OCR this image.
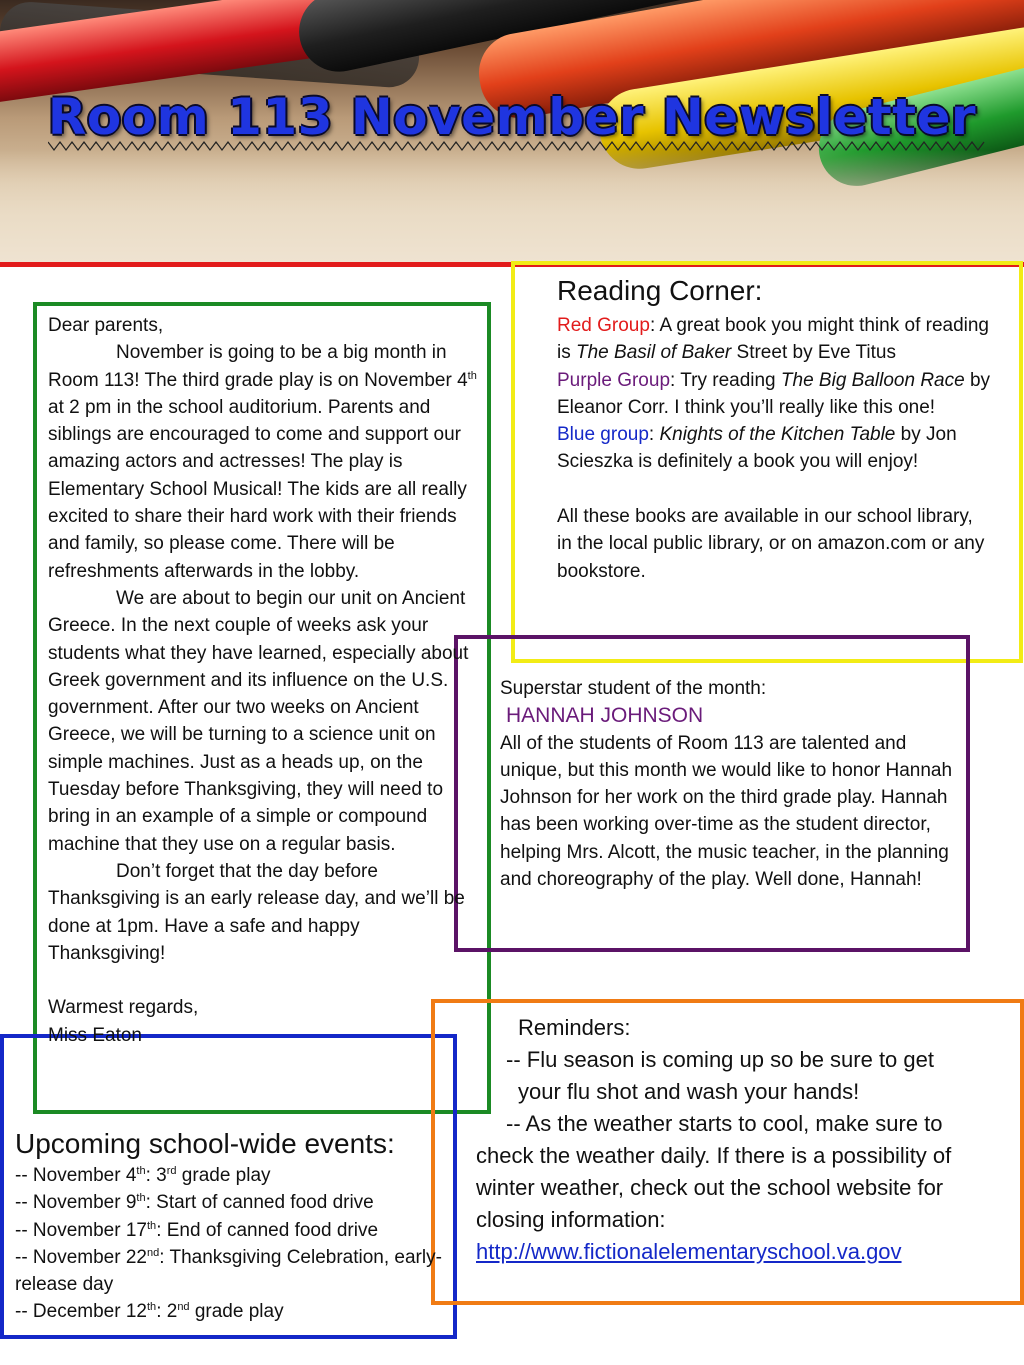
Room 113 November Newsletter

Dear parents,

November is going to be a big month in Room 113! The third grade play is on November 4th at 2 pm in the school auditorium. Parents and siblings are encouraged to come and support our amazing actors and actresses! The play is Elementary School Musical! The kids are all really excited to share their hard work with their friends and family, so please come. There will be refreshments afterwards in the lobby.

We are about to begin our unit on Ancient Greece. In the next couple of weeks ask your students what they have learned, especially about Greek government and its influence on the U.S. government. After our two weeks on Ancient Greece, we will be turning to a science unit on simple machines. Just as a heads up, on the Tuesday before Thanksgiving, they will need to bring in an example of a simple or compound machine that they use on a regular basis.

Don’t forget that the day before Thanksgiving is an early release day, and we’ll be done at 1pm. Have a safe and happy Thanksgiving!

Warmest regards,

Miss Eaton

Reading Corner:

Red Group: A great book you might think of reading is The Basil of Baker Street by Eve Titus

Purple Group: Try reading The Big Balloon Race by Eleanor Corr. I think you’ll really like this one!

Blue group: Knights of the Kitchen Table by Jon Scieszka is definitely a book you will enjoy!

All these books are available in our school library,

in the local public library, or on amazon.com or any bookstore.

Superstar student of the month:

HANNAH JOHNSON

All of the students of Room 113 are talented and unique, but this month we would like to honor Hannah Johnson for her work on the third grade play. Hannah has been working over-time as the student director, helping Mrs. Alcott, the music teacher, in the planning and choreography of the play. Well done, Hannah!

Upcoming school-wide events:

-- November 4th: 3rd grade play

-- November 9th: Start of canned food drive

-- November 17th: End of canned food drive

-- November 22nd: Thanksgiving Celebration, early-release day

-- December 12th: 2nd grade play

Reminders:

-- Flu season is coming up so be sure to get

your flu shot and wash your hands!

-- As the weather starts to cool, make sure to

check the weather daily. If there is a possibility of winter weather, check out the school website for closing information:

http://www.fictionalelementaryschool.va.gov
